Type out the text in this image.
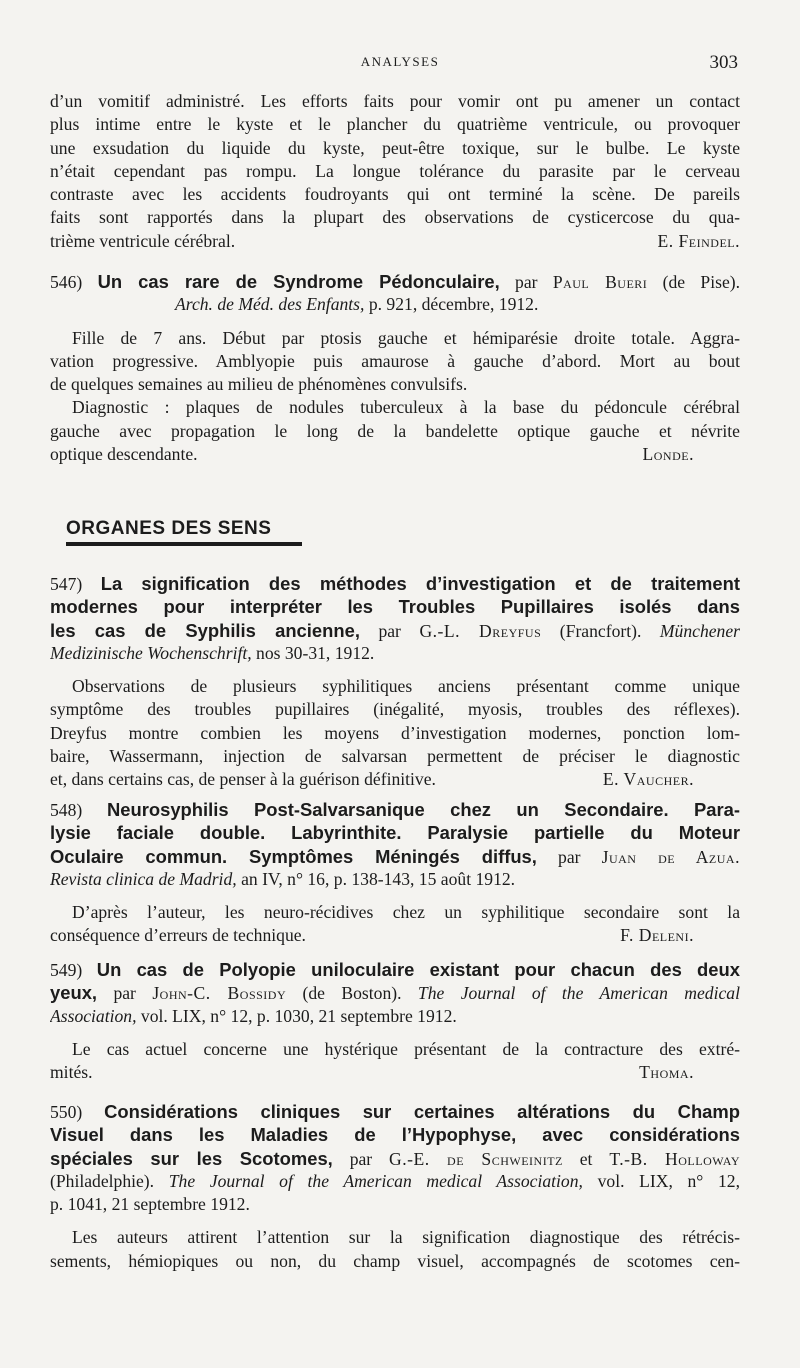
ANALYSES	303
d’un vomitif administré. Les efforts faits pour vomir ont pu amener un contact
plus intime entre le kyste et le plancher du quatrième ventricule, ou provoquer
une exsudation du liquide du kyste, peut-être toxique, sur le bulbe. Le kyste
n’était cependant pas rompu. La longue tolérance du parasite par le cerveau
contraste avec les accidents foudroyants qui ont terminé la scène. De pareils
faits sont rapportés dans la plupart des observations de cysticercose du qua-
trième ventricule cérébral.	E. Feindel.
546) Un cas rare de Syndrome Pédonculaire, par Paul Bueri (de Pise).
Arch. de Méd. des Enfants, p. 921, décembre, 1912.
Fille de 7 ans. Début par ptosis gauche et hémiparésie droite totale. Aggra-
vation progressive. Amblyopie puis amaurose à gauche d’abord. Mort au bout
de quelques semaines au milieu de phénomènes convulsifs.
Diagnostic : plaques de nodules tuberculeux à la base du pédoncule cérébral
gauche avec propagation le long de la bandelette optique gauche et névrite
optique descendante.	Londe.
ORGANES DES SENS
547) La signification des méthodes d’investigation et de traitement
modernes pour interpréter les Troubles Pupillaires isolés dans
les cas de Syphilis ancienne, par G.-L. Dreyfus (Francfort). Münchener
Medizinische Wochenschrift, nos 30-31, 1912.
Observations de plusieurs syphilitiques anciens présentant comme unique
symptôme des troubles pupillaires (inégalité, myosis, troubles des réflexes).
Dreyfus montre combien les moyens d’investigation modernes, ponction lom-
baire, Wassermann, injection de salvarsan permettent de préciser le diagnostic
et, dans certains cas, de penser à la guérison définitive.	E. Vaucher.
548) Neurosyphilis Post-Salvarsanique chez un Secondaire. Para-
lysie faciale double. Labyrinthite. Paralysie partielle du Moteur
Oculaire commun. Symptômes Méningés diffus, par Juan de Azua.
Revista clinica de Madrid, an IV, n° 16, p. 138-143, 15 août 1912.
D’après l’auteur, les neuro-récidives chez un syphilitique secondaire sont la
conséquence d’erreurs de technique.	F. Deleni.
549) Un cas de Polyopie uniloculaire existant pour chacun des deux
yeux, par John-C. Bossidy (de Boston). The Journal of the American medical
Association, vol. LIX, n° 12, p. 1030, 21 septembre 1912.
Le cas actuel concerne une hystérique présentant de la contracture des extré-
mités.	Thoma.
550) Considérations cliniques sur certaines altérations du Champ
Visuel dans les Maladies de l’Hypophyse, avec considérations
spéciales sur les Scotomes, par G.-E. de Schweinitz et T.-B. Holloway
(Philadelphie). The Journal of the American medical Association, vol. LIX, n° 12,
p. 1041, 21 septembre 1912.
Les auteurs attirent l’attention sur la signification diagnostique des rétrécis-
sements, hémiopiques ou non, du champ visuel, accompagnés de scotomes cen-
